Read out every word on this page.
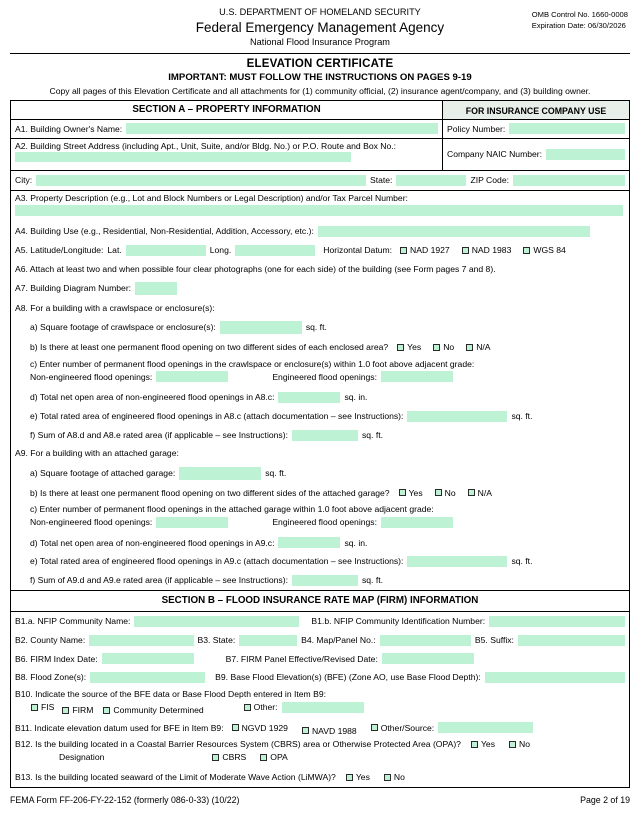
U.S. DEPARTMENT OF HOMELAND SECURITY
Federal Emergency Management Agency
National Flood Insurance Program
OMB Control No. 1660-0008
Expiration Date: 06/30/2026
ELEVATION CERTIFICATE
IMPORTANT: MUST FOLLOW THE INSTRUCTIONS ON PAGES 9-19
Copy all pages of this Elevation Certificate and all attachments for (1) community official, (2) insurance agent/company, and (3) building owner.
SECTION A – PROPERTY INFORMATION	FOR INSURANCE COMPANY USE
A1. Building Owner's Name:	Policy Number:
A2. Building Street Address (including Apt., Unit, Suite, and/or Bldg. No.) or P.O. Route and Box No.:
Company NAIC Number:
City:	State:	ZIP Code:
A3. Property Description (e.g., Lot and Block Numbers or Legal Description) and/or Tax Parcel Number:
A4. Building Use (e.g., Residential, Non-Residential, Addition, Accessory, etc.):
A5. Latitude/Longitude: Lat.	Long.	Horizontal Datum: NAD 1927	NAD 1983	WGS 84
A6. Attach at least two and when possible four clear photographs (one for each side) of the building (see Form pages 7 and 8).
A7. Building Diagram Number:
A8. For a building with a crawlspace or enclosure(s):
a) Square footage of crawlspace or enclosure(s):	sq. ft.
b) Is there at least one permanent flood opening on two different sides of each enclosed area? Yes	No	N/A
c) Enter number of permanent flood openings in the crawlspace or enclosure(s) within 1.0 foot above adjacent grade:
Non-engineered flood openings:	Engineered flood openings:
d) Total net open area of non-engineered flood openings in A8.c:	sq. in.
e) Total rated area of engineered flood openings in A8.c (attach documentation – see Instructions):	sq. ft.
f) Sum of A8.d and A8.e rated area (if applicable – see Instructions):	sq. ft.
A9. For a building with an attached garage:
a) Square footage of attached garage:	sq. ft.
b) Is there at least one permanent flood opening on two different sides of the attached garage? Yes	No	N/A
c) Enter number of permanent flood openings in the attached garage within 1.0 foot above adjacent grade:
Non-engineered flood openings:	Engineered flood openings:
d) Total net open area of non-engineered flood openings in A9.c:	sq. in.
e) Total rated area of engineered flood openings in A9.c (attach documentation – see Instructions):	sq. ft.
f) Sum of A9.d and A9.e rated area (if applicable – see Instructions):	sq. ft.
SECTION B – FLOOD INSURANCE RATE MAP (FIRM) INFORMATION
B1.a. NFIP Community Name:	B1.b. NFIP Community Identification Number:
B2. County Name:	B3. State:	B4. Map/Panel No.:	B5. Suffix:
B6. FIRM Index Date:	B7. FIRM Panel Effective/Revised Date:
B8. Flood Zone(s):	B9. Base Flood Elevation(s) (BFE) (Zone AO, use Base Flood Depth):
B10. Indicate the source of the BFE data or Base Flood Depth entered in Item B9:
FIS FIRM Community Determined	Other:
B11. Indicate elevation datum used for BFE in Item B9: NGVD 1929	NAVD 1988	Other/Source:
B12. Is the building located in a Coastal Barrier Resources System (CBRS) area or Otherwise Protected Area (OPA)? Yes	No
Designation	CBRS	OPA
B13. Is the building located seaward of the Limit of Moderate Wave Action (LiMWA)? Yes	No
FEMA Form FF-206-FY-22-152 (formerly 086-0-33) (10/22)	Page 2 of 19
